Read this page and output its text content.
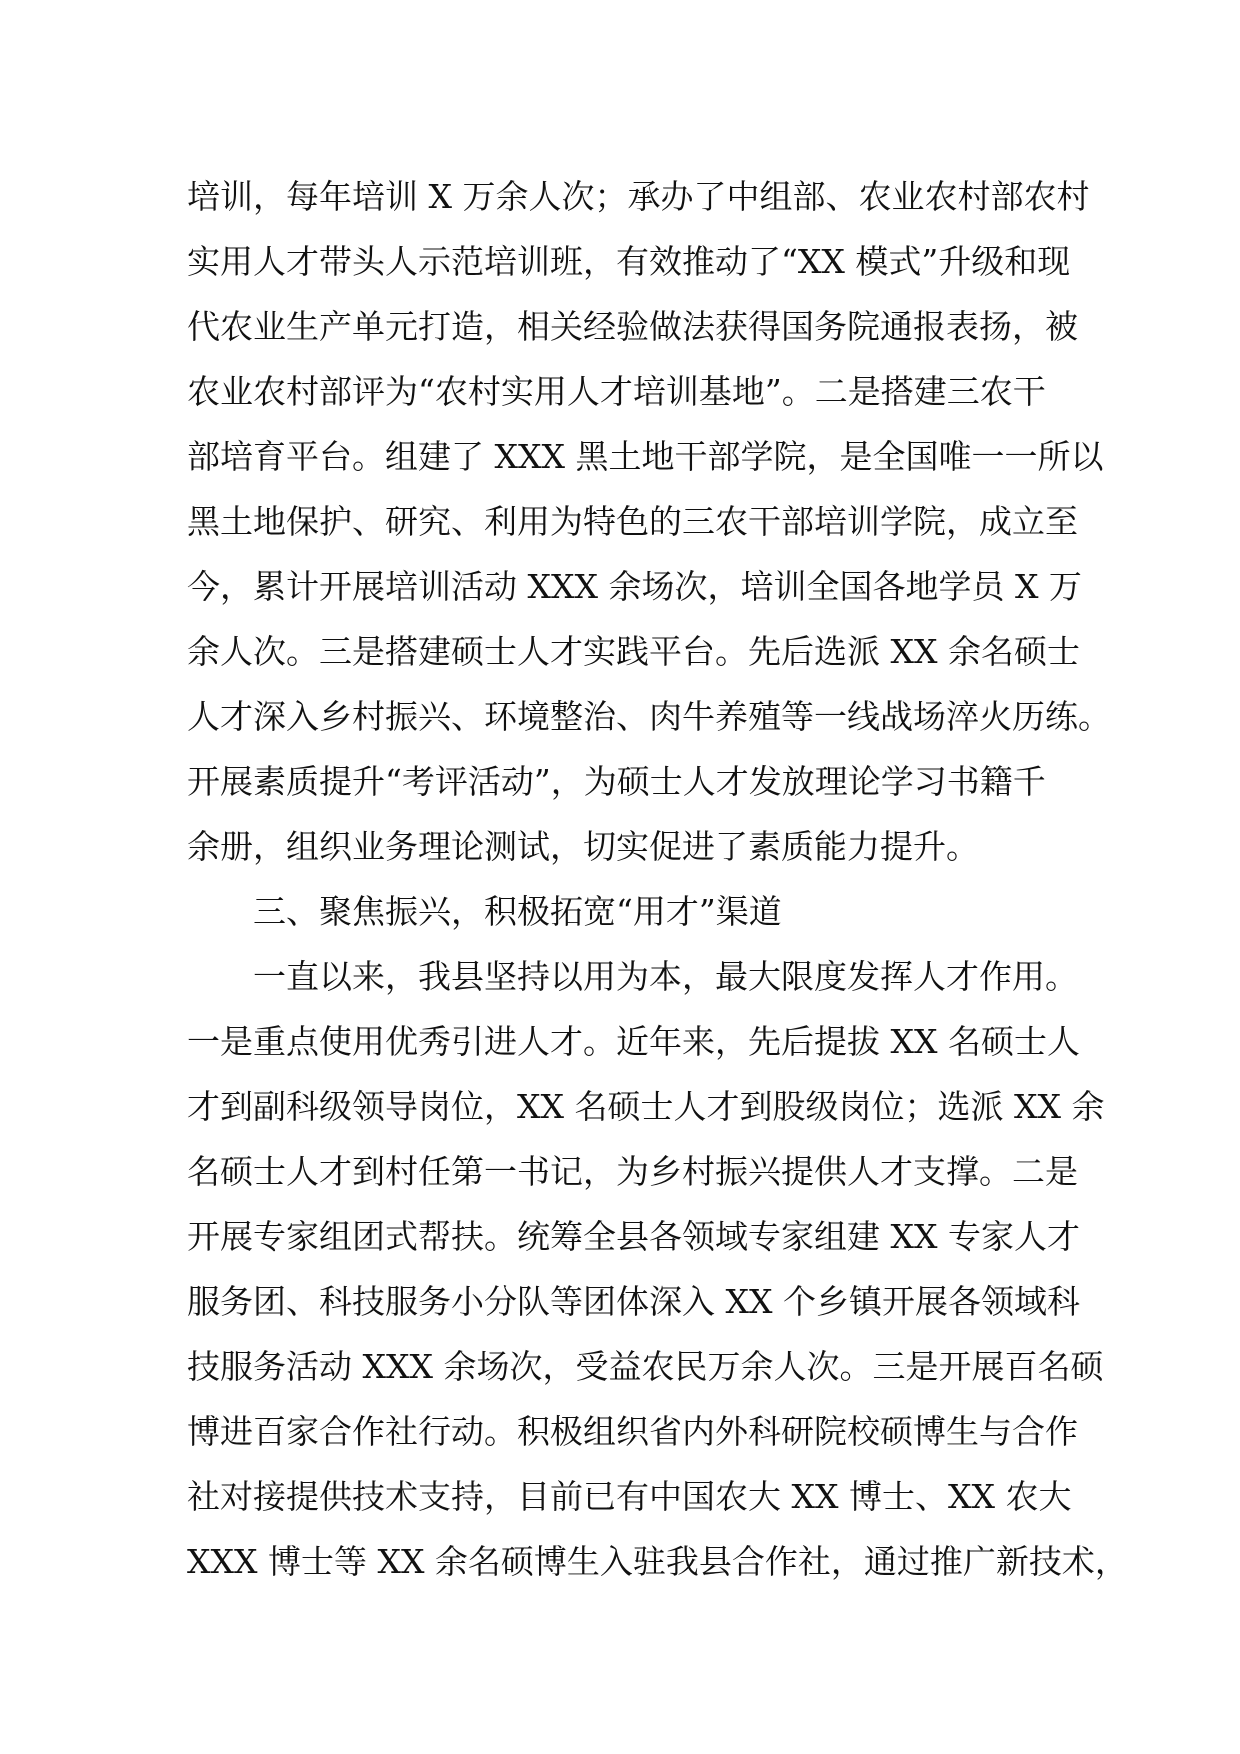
培训，每年培训 X 万余人次；承办了中组部、农业农村部农村
实用人才带头人示范培训班，有效推动了“XX 模式”升级和现
代农业生产单元打造，相关经验做法获得国务院通报表扬，被
农业农村部评为“农村实用人才培训基地”。二是搭建三农干
部培育平台。组建了 XXX 黑土地干部学院，是全国唯一一所以
黑土地保护、研究、利用为特色的三农干部培训学院，成立至
今，累计开展培训活动 XXX 余场次，培训全国各地学员 X 万
余人次。三是搭建硕士人才实践平台。先后选派 XX 余名硕士
人才深入乡村振兴、环境整治、肉牛养殖等一线战场淬火历练。
开展素质提升“考评活动”，为硕士人才发放理论学习书籍千
余册，组织业务理论测试，切实促进了素质能力提升。
三、聚焦振兴，积极拓宽“用才”渠道
一直以来，我县坚持以用为本，最大限度发挥人才作用。
一是重点使用优秀引进人才。近年来，先后提拔 XX 名硕士人
才到副科级领导岗位，XX 名硕士人才到股级岗位；选派 XX 余
名硕士人才到村任第一书记，为乡村振兴提供人才支撑。二是
开展专家组团式帮扶。统筹全县各领域专家组建 XX 专家人才
服务团、科技服务小分队等团体深入 XX 个乡镇开展各领域科
技服务活动 XXX 余场次，受益农民万余人次。三是开展百名硕
博进百家合作社行动。积极组织省内外科研院校硕博生与合作
社对接提供技术支持，目前已有中国农大 XX 博士、XX 农大
XXX 博士等 XX 余名硕博生入驻我县合作社，通过推广新技术，
